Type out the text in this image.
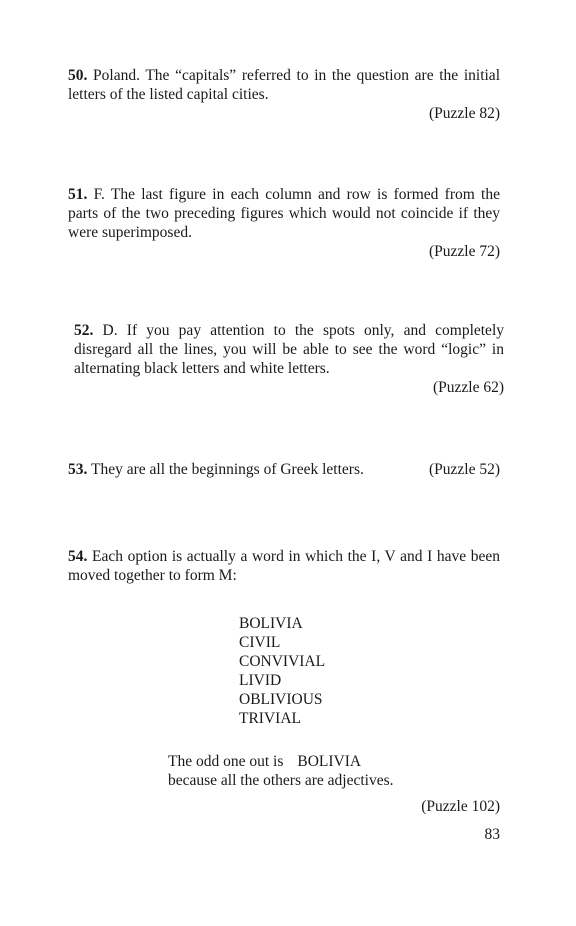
50. Poland. The “capitals” referred to in the question are the initial letters of the listed capital cities.

(Puzzle 82)

51. F. The last figure in each column and row is formed from the parts of the two preceding figures which would not coincide if they were superimposed.

(Puzzle 72)

52. D. If you pay attention to the spots only, and completely disregard all the lines, you will be able to see the word “logic” in alternating black letters and white letters.

(Puzzle 62)

53. They are all the beginnings of Greek letters.	(Puzzle 52)

54. Each option is actually a word in which the I, V and I have been moved together to form M:

BOLIVIA
CIVIL
CONVIVIAL
LIVID
OBLIVIOUS
TRIVIAL
The odd one out is BOLIVIA
because all the others are adjectives.
(Puzzle 102)
83
